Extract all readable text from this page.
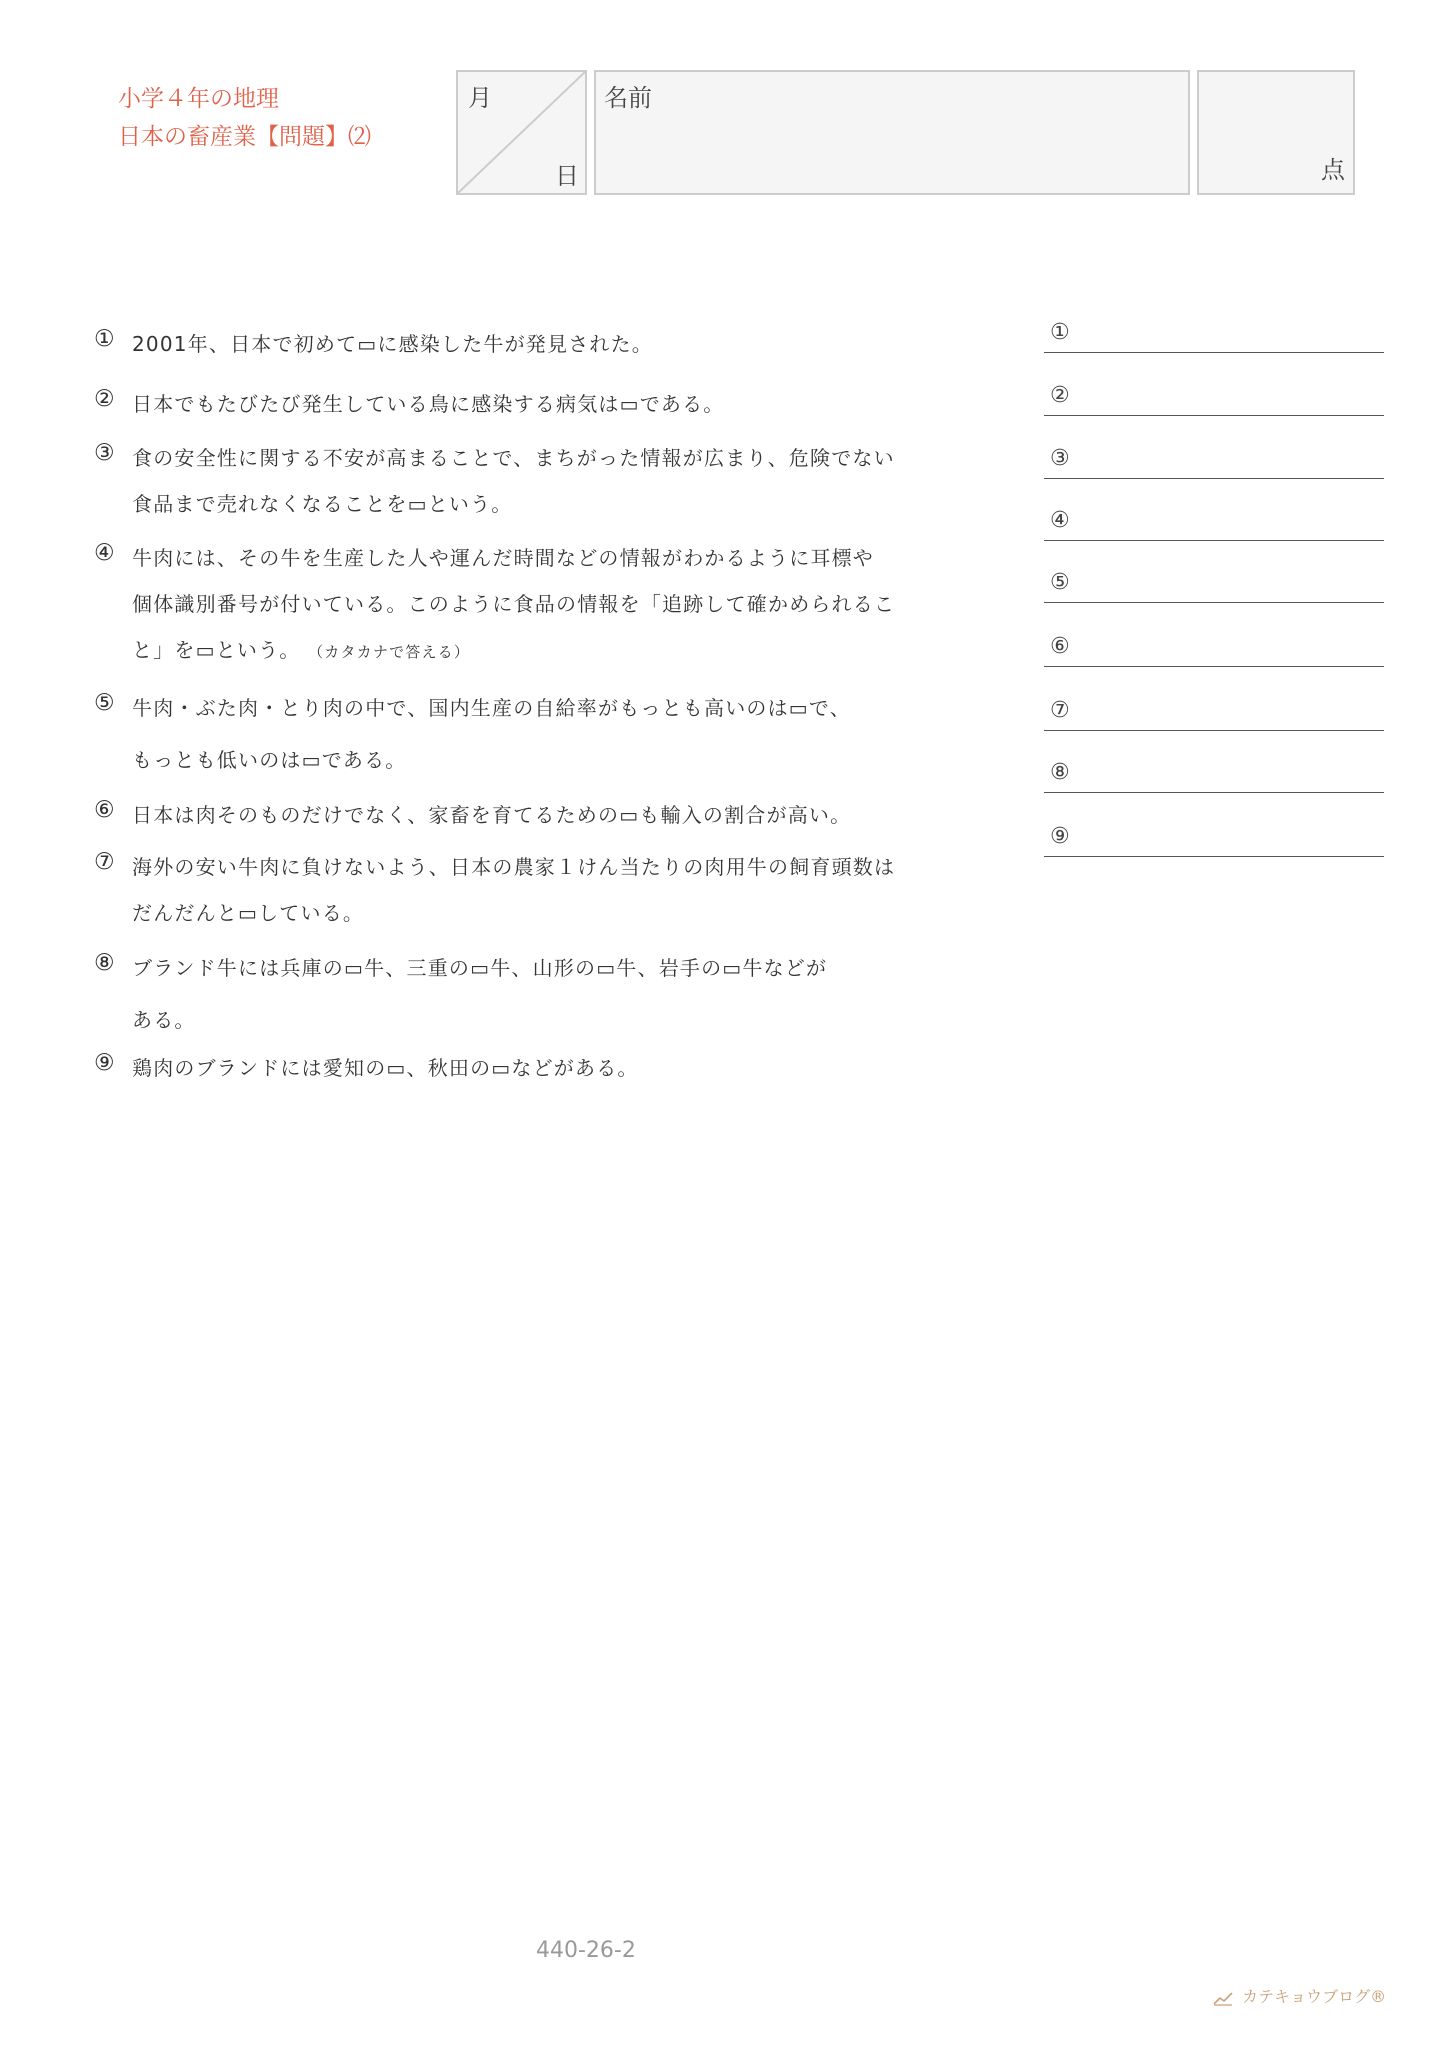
小学４年の地理
日本の畜産業【問題】⑵
月
日
名前
点
① 2001年、日本で初めて▭に感染した牛が発見された。
② 日本でもたびたび発生している鳥に感染する病気は▭である。
③ 食の安全性に関する不安が高まることで、まちがった情報が広まり、危険でない
食品まで売れなくなることを▭という。
④ 牛肉には、その牛を生産した人や運んだ時間などの情報がわかるように耳標や
個体識別番号が付いている。このように食品の情報を「追跡して確かめられるこ
と」を▭という。 （カタカナで答える）
⑤ 牛肉・ぶた肉・とり肉の中で、国内生産の自給率がもっとも高いのは▭で、
もっとも低いのは▭である。
⑥ 日本は肉そのものだけでなく、家畜を育てるための▭も輸入の割合が高い。
⑦ 海外の安い牛肉に負けないよう、日本の農家１けん当たりの肉用牛の飼育頭数は
だんだんと▭している。
⑧ ブランド牛には兵庫の▭牛、三重の▭牛、山形の▭牛、岩手の▭牛などが
ある。
⑨ 鶏肉のブランドには愛知の▭、秋田の▭などがある。
①
②
③
④
⑤
⑥
⑦
⑧
⑨
440-26-2
カテキョウブログ®
